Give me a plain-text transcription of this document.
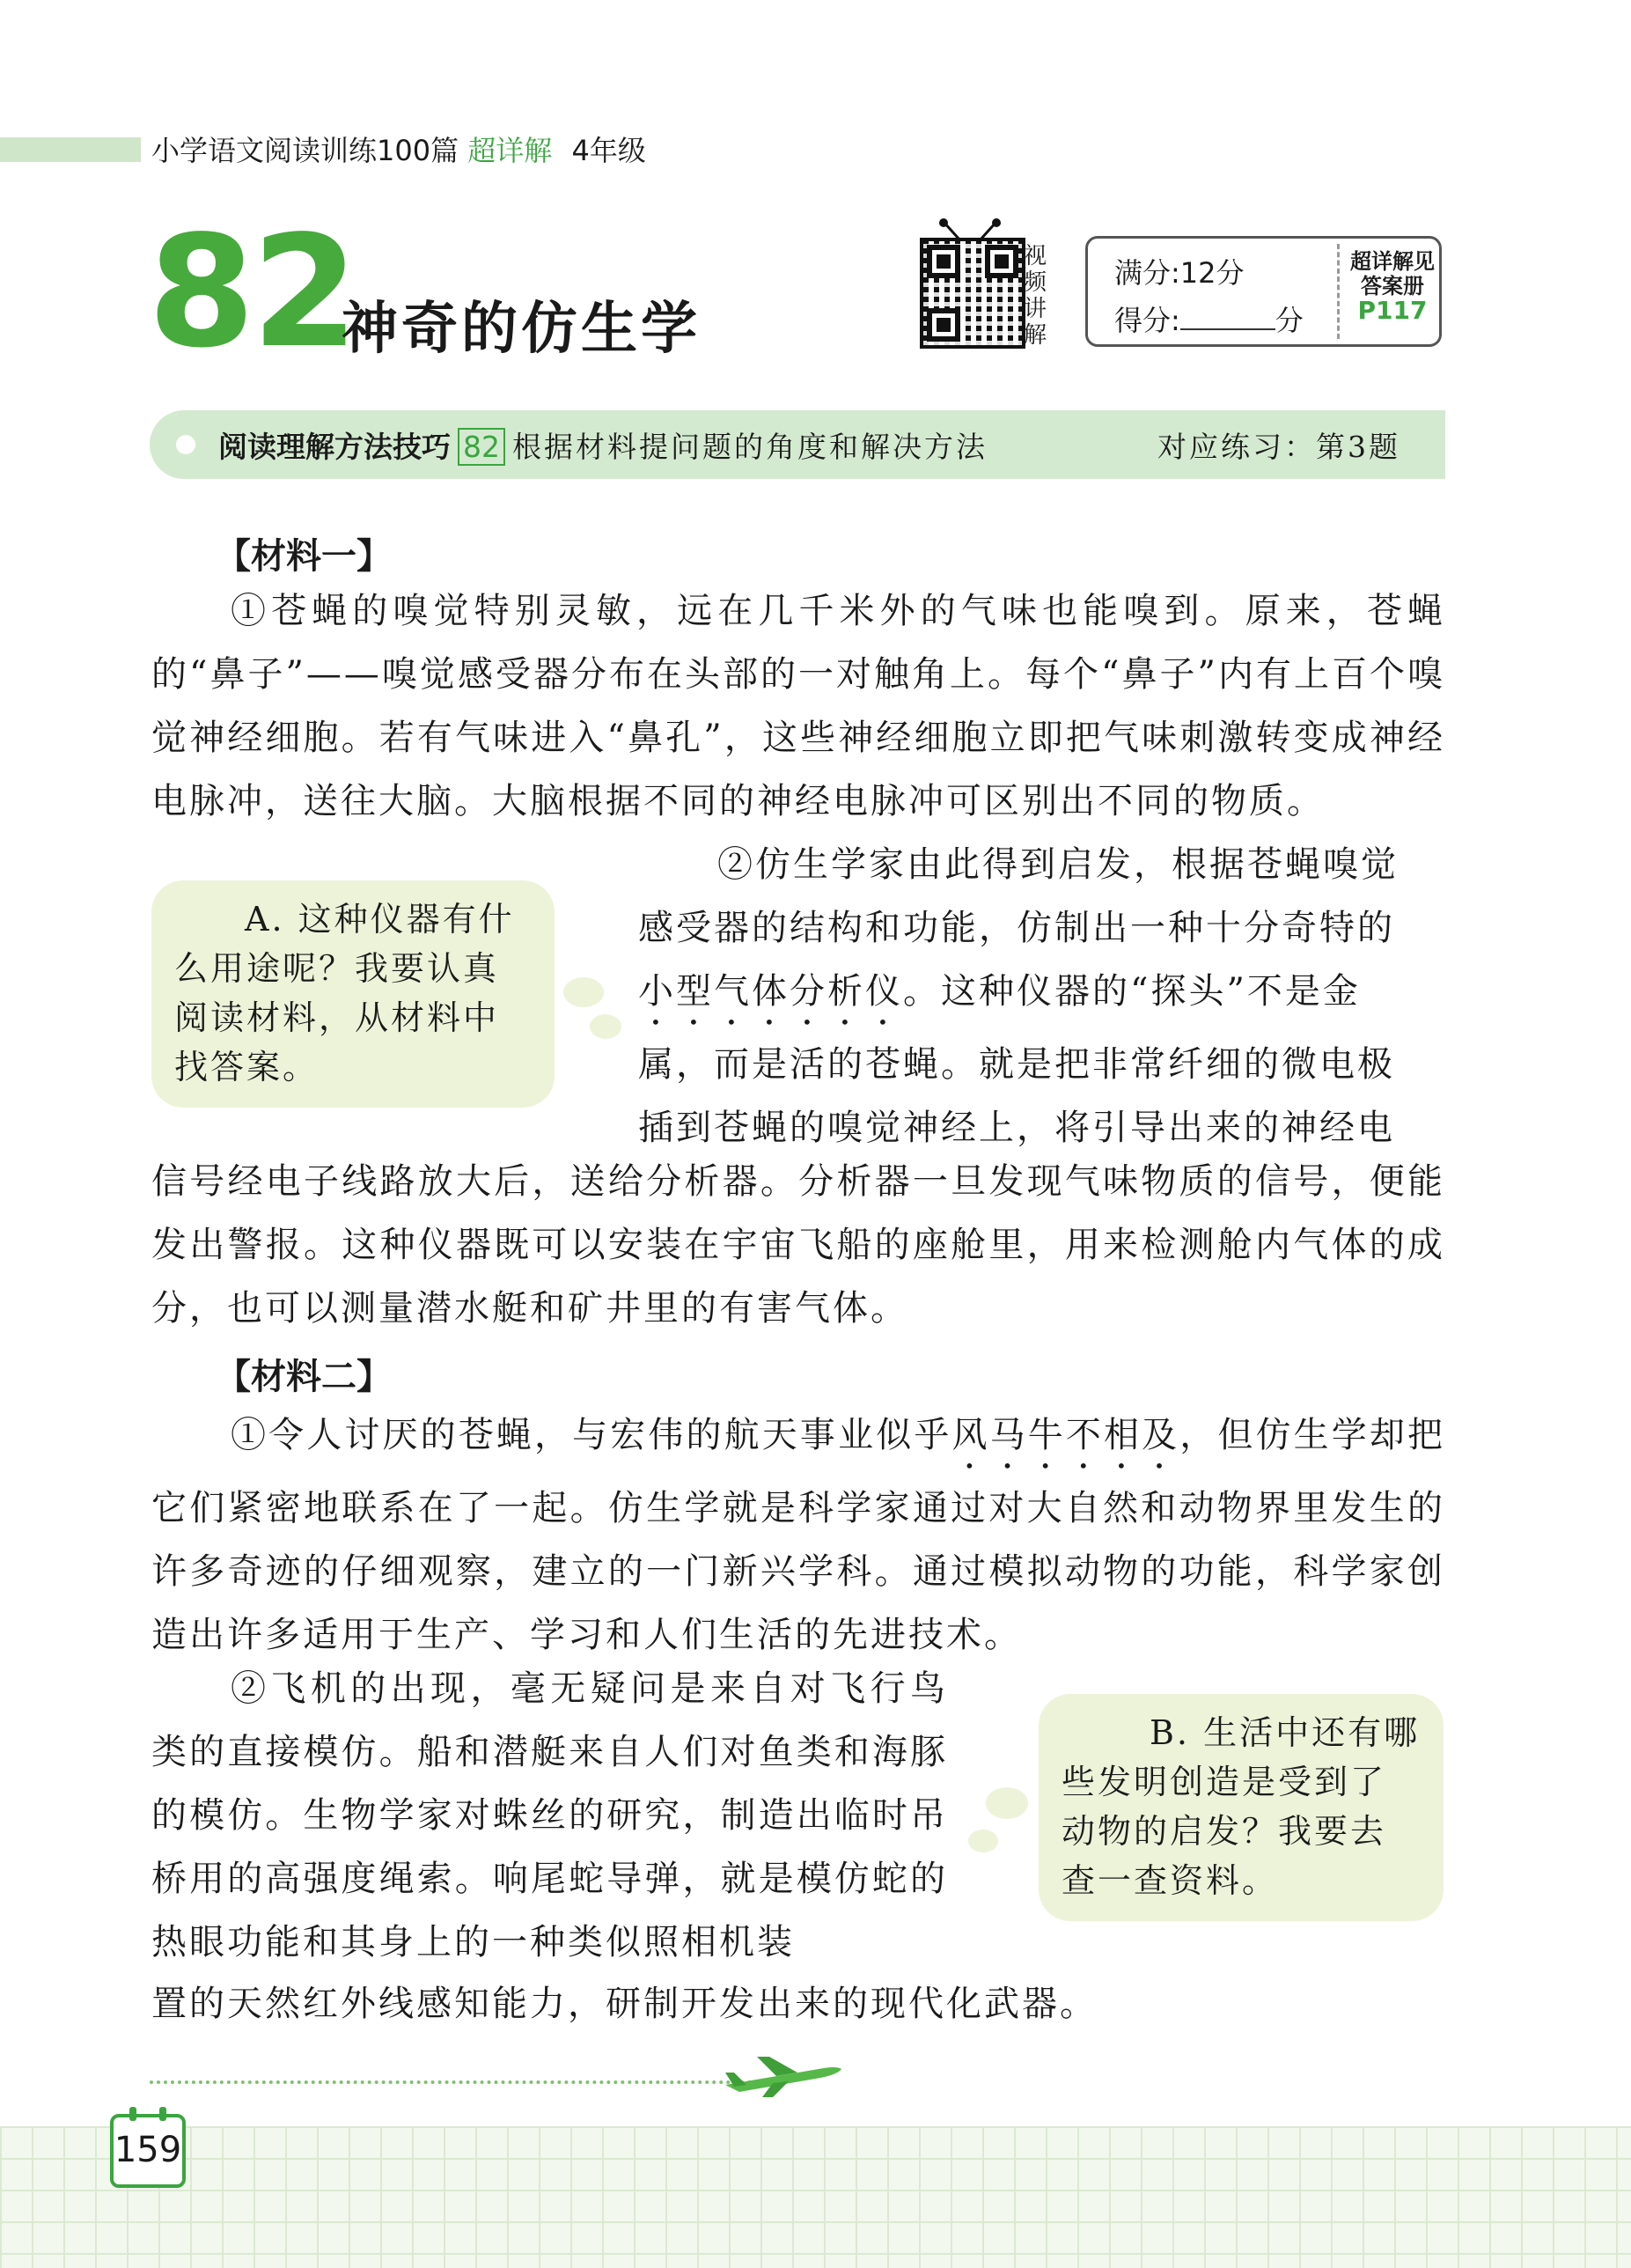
小学语文阅读训练100篇 超详解 4年级
82
神奇的仿生学
视频讲解
满分:12分
得分:	分
超详解见
答案册
P117
阅读理解方法技巧 82 根据材料提问题的角度和解决方法	对应练习：第3题
【材料一】
①苍蝇的嗅觉特别灵敏，远在几千米外的气味也能嗅到。原来，苍蝇的“鼻子”——嗅觉感受器分布在头部的一对触角上。每个“鼻子”内有上百个嗅觉神经细胞。若有气味进入“鼻孔”，这些神经细胞立即把气味刺激转变成神经电脉冲，送往大脑。大脑根据不同的神经电脉冲可区别出不同的物质。
②仿生学家由此得到启发，根据苍蝇嗅觉
感受器的结构和功能，仿制出一种十分奇特的
小型气体分析仪。这种仪器的“探头”不是金
属，而是活的苍蝇。就是把非常纤细的微电极
插到苍蝇的嗅觉神经上，将引导出来的神经电
信号经电子线路放大后，送给分析器。分析器一旦发现气味物质的信号，便能发出警报。这种仪器既可以安装在宇宙飞船的座舱里，用来检测舱内气体的成分，也可以测量潜水艇和矿井里的有害气体。
A. 这种仪器有什么用途呢？我要认真阅读材料，从材料中找答案。
【材料二】
①令人讨厌的苍蝇，与宏伟的航天事业似乎风马牛不相及，但仿生学却把它们紧密地联系在了一起。仿生学就是科学家通过对大自然和动物界里发生的许多奇迹的仔细观察，建立的一门新兴学科。通过模拟动物的功能，科学家创造出许多适用于生产、学习和人们生活的先进技术。
②飞机的出现，毫无疑问是来自对飞行鸟类的直接模仿。船和潜艇来自人们对鱼类和海豚的模仿。生物学家对蛛丝的研究，制造出临时吊桥用的高强度绳索。响尾蛇导弹，就是模仿蛇的热眼功能和其身上的一种类似照相机装
置的天然红外线感知能力，研制开发出来的现代化武器。
B. 生活中还有哪些发明创造是受到了动物的启发？我要去查一查资料。
159
